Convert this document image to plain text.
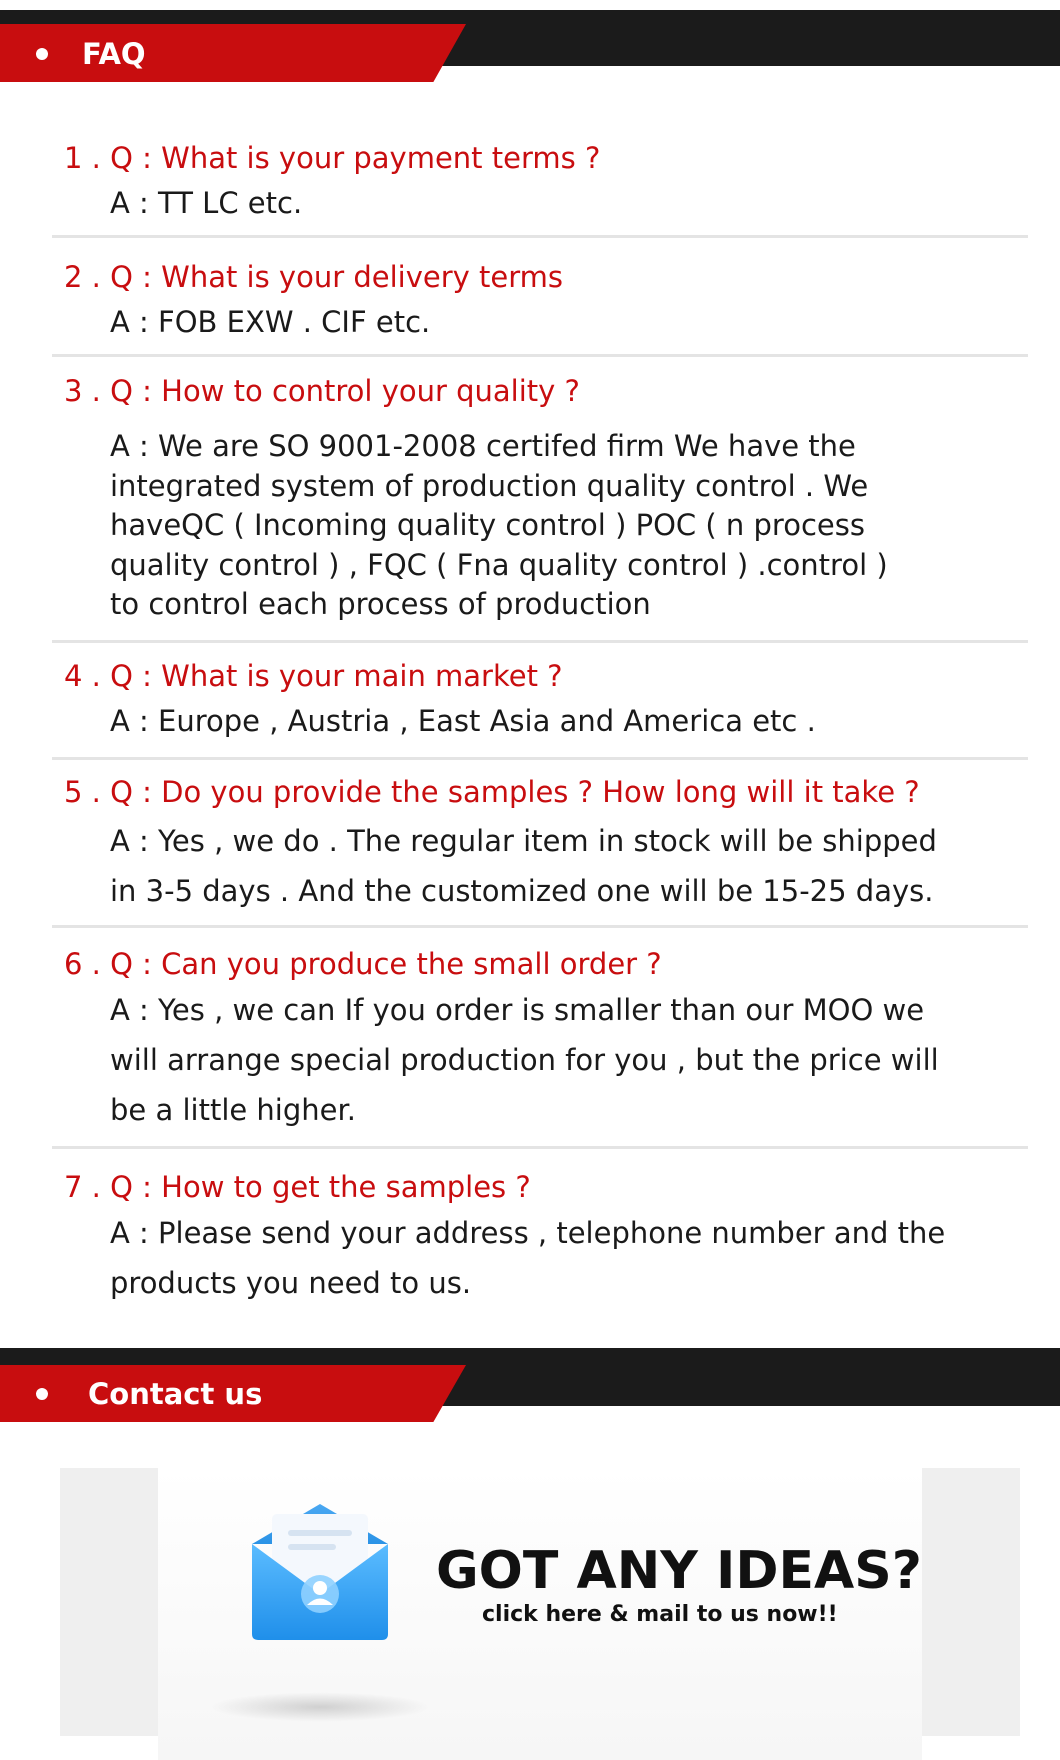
FAQ
1 . Q : What is your payment terms ?
A : TT LC etc.
2 . Q : What is your delivery terms
A : FOB EXW . CIF etc.
3 . Q : How to control your quality ?
A : We are SO 9001-2008 certifed firm We have the
integrated system of production quality control . We
haveQC ( Incoming quality control ) POC ( n process
quality control ) , FQC ( Fna quality control ) .control )
to control each process of production
4 . Q : What is your main market ?
A : Europe , Austria , East Asia and America etc .
5 . Q : Do you provide the samples ? How long will it take ?
A : Yes , we do . The regular item in stock will be shipped
in 3-5 days . And the customized one will be 15-25 days.
6 . Q : Can you produce the small order ?
A : Yes , we can If you order is smaller than our MOO we
will arrange special production for you , but the price will
be a little higher.
7 . Q : How to get the samples ?
A : Please send your address , telephone number and the
products you need to us.
Contact us
GOT ANY IDEAS?
click here & mail to us now!!
